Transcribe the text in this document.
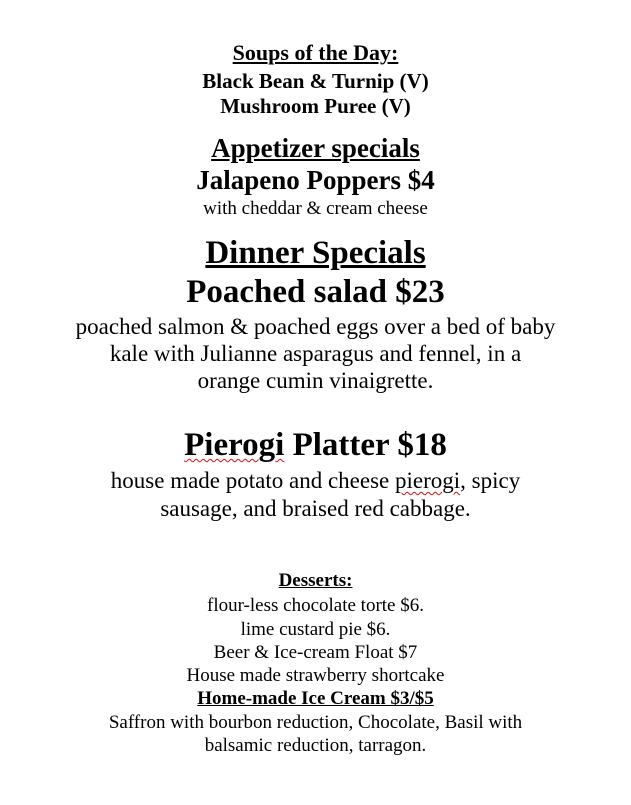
Soups of the Day:
Black Bean & Turnip (V)
Mushroom Puree (V)
Appetizer specials
Jalapeno Poppers $4
with cheddar & cream cheese
Dinner Specials
Poached salad $23
poached salmon & poached eggs over a bed of baby
kale with Julianne asparagus and fennel, in a
orange cumin vinaigrette.
Pierogi Platter $18
house made potato and cheese pierogi, spicy
sausage, and braised red cabbage.
Desserts:
flour-less chocolate torte $6.
lime custard pie $6.
Beer & Ice-cream Float $7
House made strawberry shortcake
Home-made Ice Cream $3/$5
Saffron with bourbon reduction, Chocolate, Basil with
balsamic reduction, tarragon.
